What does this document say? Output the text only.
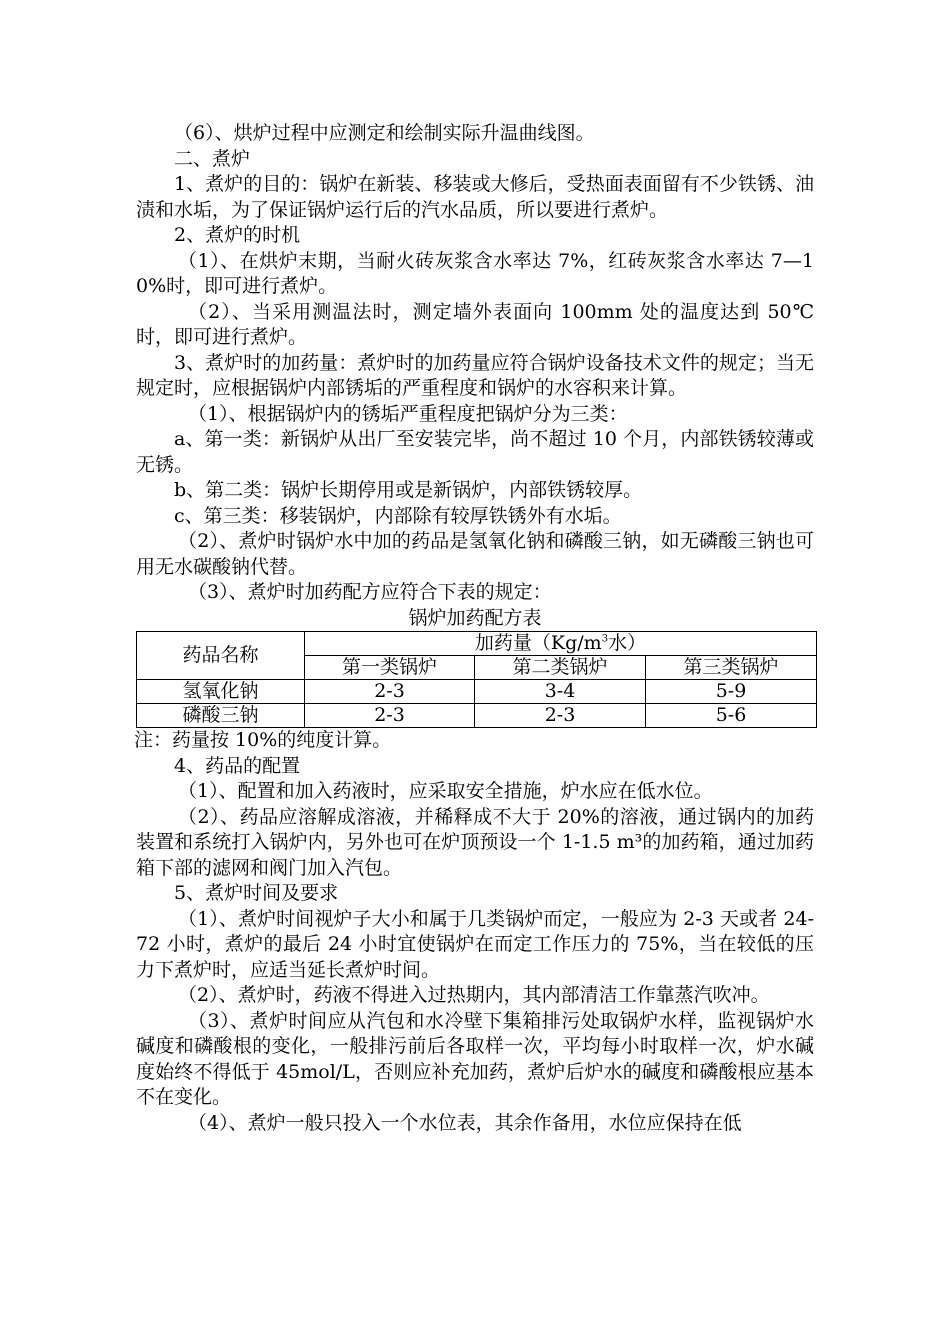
（6）、烘炉过程中应测定和绘制实际升温曲线图。

二、煮炉

1、煮炉的目的：锅炉在新装、移装或大修后，受热面表面留有不少铁锈、油渍和水垢，为了保证锅炉运行后的汽水品质，所以要进行煮炉。

2、煮炉的时机

（1）、在烘炉末期，当耐火砖灰浆含水率达 7%，红砖灰浆含水率达 7—10%时，即可进行煮炉。

（2）、当采用测温法时，测定墙外表面向 100mm 处的温度达到 50℃时，即可进行煮炉。

3、煮炉时的加药量：煮炉时的加药量应符合锅炉设备技术文件的规定；当无规定时，应根据锅炉内部锈垢的严重程度和锅炉的水容积来计算。

（1）、根据锅炉内的锈垢严重程度把锅炉分为三类：

a、第一类：新锅炉从出厂至安装完毕，尚不超过 10 个月，内部铁锈较薄或无锈。

b、第二类：锅炉长期停用或是新锅炉，内部铁锈较厚。

c、第三类：移装锅炉，内部除有较厚铁锈外有水垢。

（2）、煮炉时锅炉水中加的药品是氢氧化钠和磷酸三钠，如无磷酸三钠也可用无水碳酸钠代替。

（3）、煮炉时加药配方应符合下表的规定：

锅炉加药配方表

药品名称	加药量（$Kg/m^3$水）		
	第一类锅炉	第二类锅炉	第三类锅炉
氢氧化钠	2-3	3-4	5-9
磷酸三钠	2-3	2-3	5-6

注：药量按 10%的纯度计算。

4、药品的配置

（1）、配置和加入药液时，应采取安全措施，炉水应在低水位。

（2）、药品应溶解成溶液，并稀释成不大于 20%的溶液，通过锅内的加药装置和系统打入锅炉内，另外也可在炉顶预设一个 1-1.5 m³的加药箱，通过加药箱下部的滤网和阀门加入汽包。

5、煮炉时间及要求

（1）、煮炉时间视炉子大小和属于几类锅炉而定，一般应为 2-3 天或者 24-72 小时，煮炉的最后 24 小时宜使锅炉在而定工作压力的 75%，当在较低的压力下煮炉时，应适当延长煮炉时间。

（2）、煮炉时，药液不得进入过热期内，其内部清洁工作靠蒸汽吹冲。

（3）、煮炉时间应从汽包和水冷壁下集箱排污处取锅炉水样，监视锅炉水碱度和磷酸根的变化，一般排污前后各取样一次，平均每小时取样一次，炉水碱度始终不得低于 45mol/L，否则应补充加药，煮炉后炉水的碱度和磷酸根应基本不在变化。

（4）、煮炉一般只投入一个水位表，其余作备用，水位应保持在低
